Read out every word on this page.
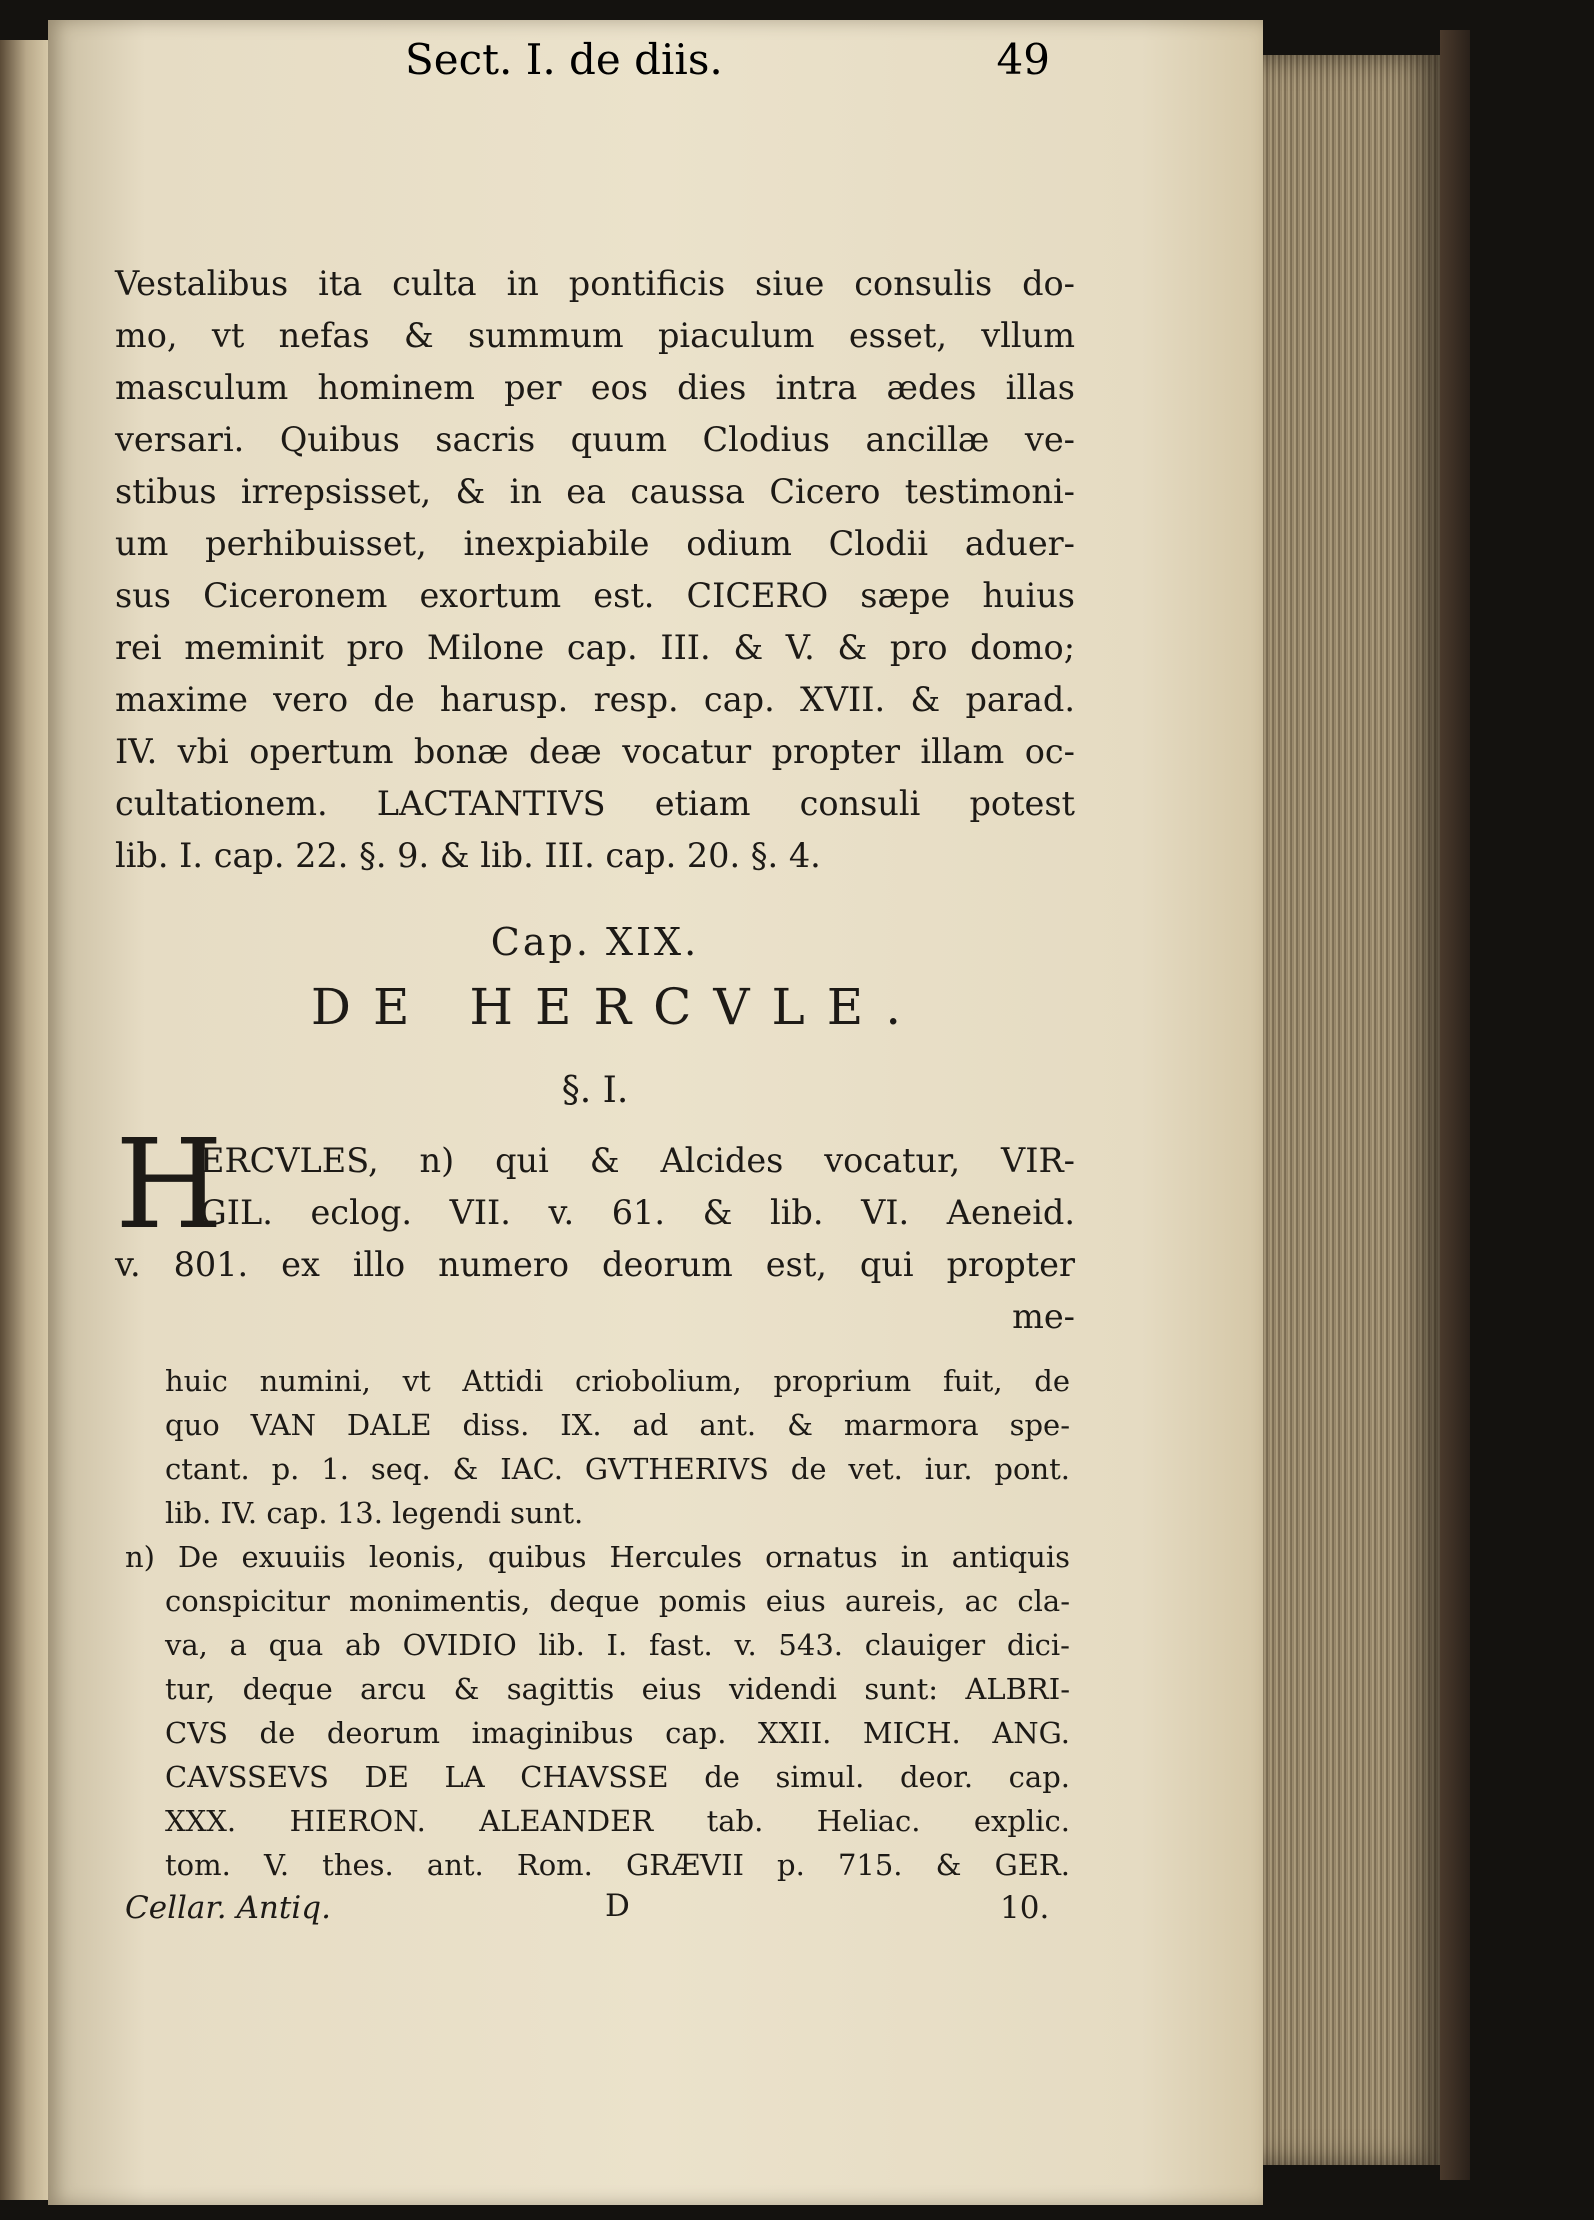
Sect. I. de diis.	49
Vestalibus ita culta in pontificis siue consulis do-
mo, vt nefas & summum piaculum esset, vllum
masculum hominem per eos dies intra ædes illas
versari. Quibus sacris quum Clodius ancillæ ve-
stibus irrepsisset, & in ea caussa Cicero testimoni-
um perhibuisset, inexpiabile odium Clodii aduer-
sus Ciceronem exortum est. CICERO sæpe huius
rei meminit pro Milone cap. III. & V. & pro domo;
maxime vero de harusp. resp. cap. XVII. & parad.
IV. vbi opertum bonæ deæ vocatur propter illam oc-
cultationem. LACTANTIVS etiam consuli potest
lib. I. cap. 22. §. 9. & lib. III. cap. 20. §. 4.
Cap. XIX.
DE HERCVLE.
§. I.
H
ERCVLES, n) qui & Alcides vocatur, VIR-
GIL. eclog. VII. v. 61. & lib. VI. Aeneid.
v. 801. ex illo numero deorum est, qui propter
me-
huic numini, vt Attidi criobolium, proprium fuit, de
quo VAN DALE diss. IX. ad ant. & marmora spe-
ctant. p. 1. seq. & IAC. GVTHERIVS de vet. iur. pont.
lib. IV. cap. 13. legendi sunt.
n) De exuuiis leonis, quibus Hercules ornatus in antiquis
conspicitur monimentis, deque pomis eius aureis, ac cla-
va, a qua ab OVIDIO lib. I. fast. v. 543. clauiger dici-
tur, deque arcu & sagittis eius videndi sunt: ALBRI-
CVS de deorum imaginibus cap. XXII. MICH. ANG.
CAVSSEVS DE LA CHAVSSE de simul. deor. cap.
XXX. HIERON. ALEANDER tab. Heliac. explic.
tom. V. thes. ant. Rom. GRÆVII p. 715. & GER.
Cellar. Antiq.	D	10.
